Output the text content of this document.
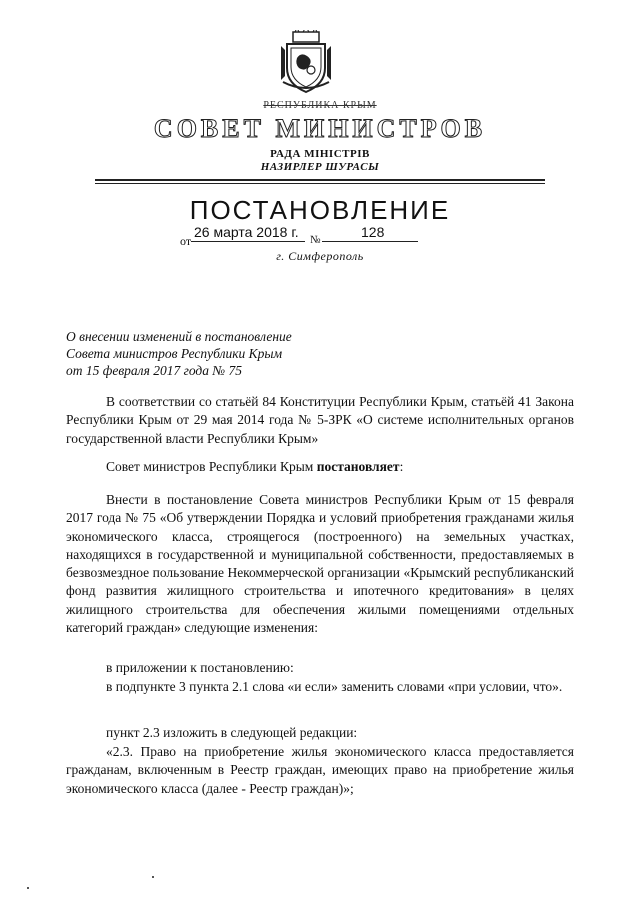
РЕСПУБЛИКА КРЫМ
СОВЕТ МИНИСТРОВ
РАДА МІНІСТРІВ
НАЗИРЛЕР ШУРАСЫ
ПОСТАНОВЛЕНИЕ
от
26 марта 2018 г. №	128
г. Симферополь
О внесении изменений в постановление
Совета министров Республики Крым
от 15 февраля 2017 года № 75

В соответствии со статьёй 84 Конституции Республики Крым, статьёй 41 Закона Республики Крым от 29 мая 2014 года № 5-ЗРК «О системе исполнительных органов государственной власти Республики Крым»

Совет министров Республики Крым постановляет:

Внести в постановление Совета министров Республики Крым от 15 февраля 2017 года № 75 «Об утверждении Порядка и условий приобретения гражданами жилья экономического класса, строящегося (построенного) на земельных участках, находящихся в государственной и муниципальной собственности, предоставляемых в безвозмездное пользование Некоммерческой организации «Крымский республиканский фонд развития жилищного строительства и ипотечного кредитования» в целях жилищного строительства для обеспечения жилыми помещениями отдельных категорий граждан» следующие изменения:

в приложении к постановлению:

в подпункте 3 пункта 2.1 слова «и если» заменить словами «при условии, что».

пункт 2.3 изложить в следующей редакции:

«2.3. Право на приобретение жилья экономического класса предоставляется гражданам, включенным в Реестр граждан, имеющих право на приобретение жилья экономического класса (далее - Реестр граждан)»;
